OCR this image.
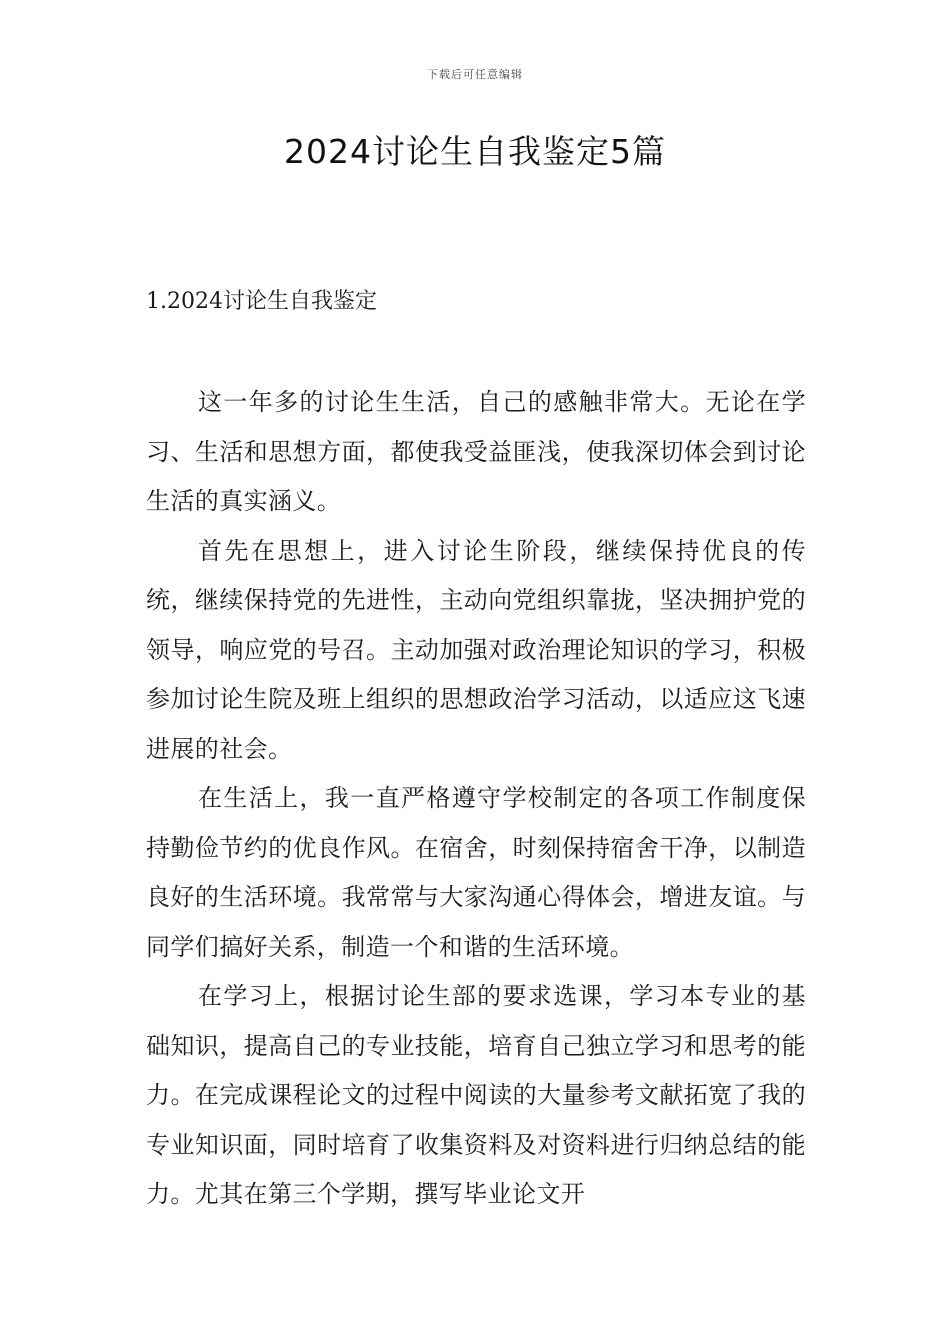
下载后可任意编辑
2024讨论生自我鉴定5篇
1.2024讨论生自我鉴定

这一年多的讨论生生活，自己的感触非常大。无论在学习、生活和思想方面，都使我受益匪浅，使我深切体会到讨论生活的真实涵义。

首先在思想上，进入讨论生阶段，继续保持优良的传统，继续保持党的先进性，主动向党组织靠拢，坚决拥护党的领导，响应党的号召。主动加强对政治理论知识的学习，积极参加讨论生院及班上组织的思想政治学习活动，以适应这飞速进展的社会。

在生活上，我一直严格遵守学校制定的各项工作制度保持勤俭节约的优良作风。在宿舍，时刻保持宿舍干净，以制造良好的生活环境。我常常与大家沟通心得体会，增进友谊。与同学们搞好关系，制造一个和谐的生活环境。

在学习上，根据讨论生部的要求选课，学习本专业的基础知识，提高自己的专业技能，培育自己独立学习和思考的能力。在完成课程论文的过程中阅读的大量参考文献拓宽了我的专业知识面，同时培育了收集资料及对资料进行归纳总结的能力。尤其在第三个学期，撰写毕业论文开
